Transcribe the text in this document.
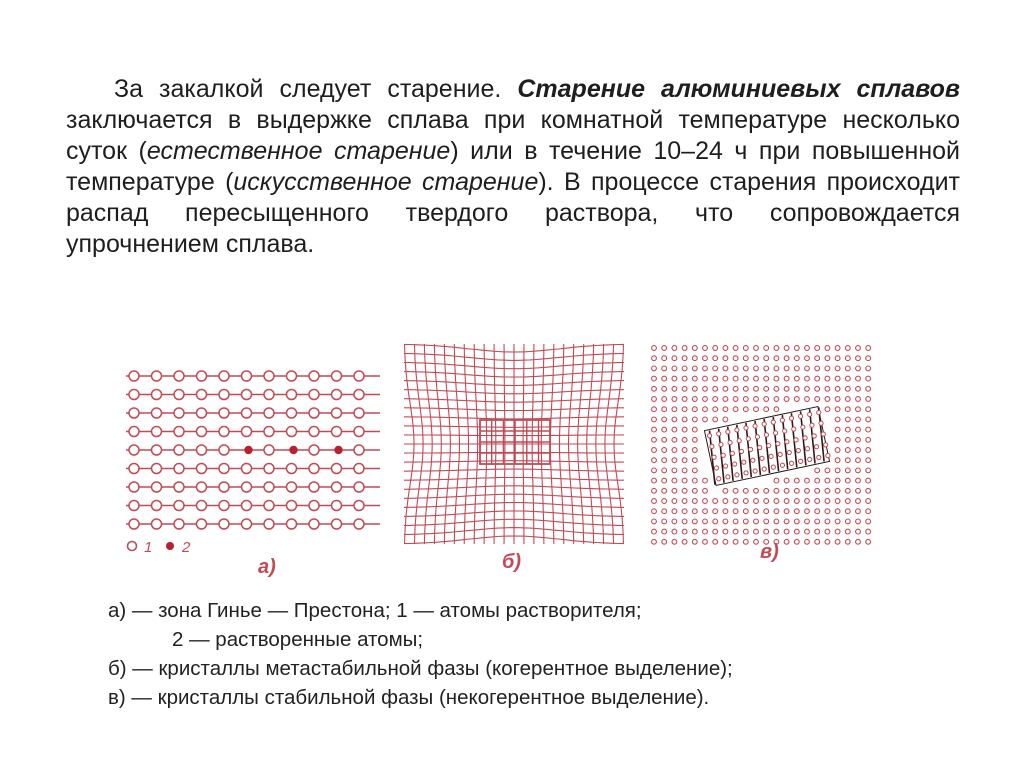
За закалкой следует старение. Старение алюминиевых сплавов заключается в выдержке сплава при комнатной температуре несколько суток (естественное старение) или в течение 10–24 ч при повышенной температуре (искусственное старение). В процессе старения происходит распад пересыщенного твердого раствора, что сопровождается упрочнением сплава.
1 2
а)	б)	в)
а) — зона Гинье — Престона; 1 — атомы растворителя;
2 — растворенные атомы;
б) — кристаллы метастабильной фазы (когерентное выделение);
в) — кристаллы стабильной фазы (некогерентное выделение).
